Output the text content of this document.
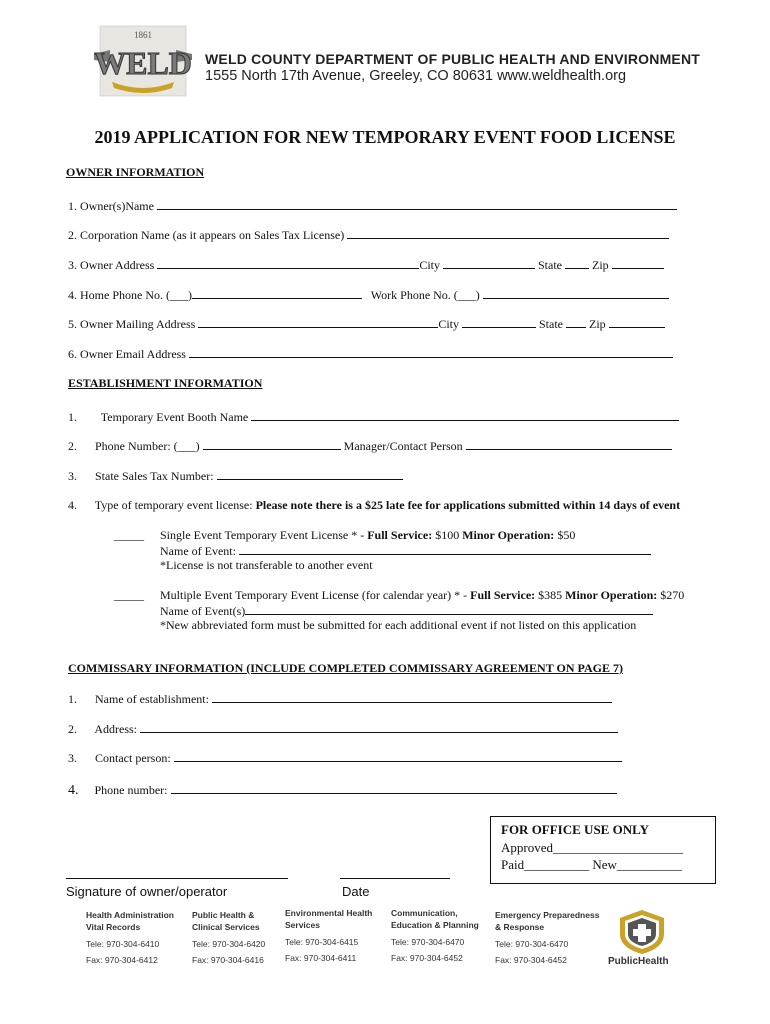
1861
WELD WELD COUNTY DEPARTMENT OF PUBLIC HEALTH AND ENVIRONMENT
1555 North 17th Avenue, Greeley, CO 80631 www.weldhealth.org
2019 APPLICATION FOR NEW TEMPORARY EVENT FOOD LICENSE
OWNER INFORMATION
1. Owner(s)Name
2. Corporation Name (as it appears on Sales Tax License)
3. Owner Address	City	State	Zip
4. Home Phone No. (___)	Work Phone No. (___)
5. Owner Mailing Address	City	State Zip
6. Owner Email Address
ESTABLISHMENT INFORMATION
1. Temporary Event Booth Name
2. Phone Number: (___)	Manager/Contact Person
3. State Sales Tax Number:
4. Type of temporary event license: Please note there is a $25 late fee for applications submitted within 14 days of event
_____ Single Event Temporary Event License * - Full Service: $100 Minor Operation: $50
Name of Event:
*License is not transferable to another event
_____ Multiple Event Temporary Event License (for calendar year) * - Full Service: $385 Minor Operation: $270
Name of Event(s)
*New abbreviated form must be submitted for each additional event if not listed on this application
COMMISSARY INFORMATION (INCLUDE COMPLETED COMMISSARY AGREEMENT ON PAGE 7)
1. Name of establishment:
2. Address:
3. Contact person:
4. Phone number:
FOR OFFICE USE ONLY
Approved____________________
Paid__________ New__________
Signature of owner/operator	Date
Health Administration
Vital Records
Tele: 970-304-6410
Fax: 970-304-6412
Public Health &
Clinical Services
Tele: 970-304-6420
Fax: 970-304-6416
Environmental Health
Services
Tele: 970-304-6415
Fax: 970-304-6411
Communication,
Education & Planning
Tele: 970-304-6470
Fax: 970-304-6452
Emergency Preparedness
& Response
Tele: 970-304-6470
Fax: 970-304-6452	PublicHealth
